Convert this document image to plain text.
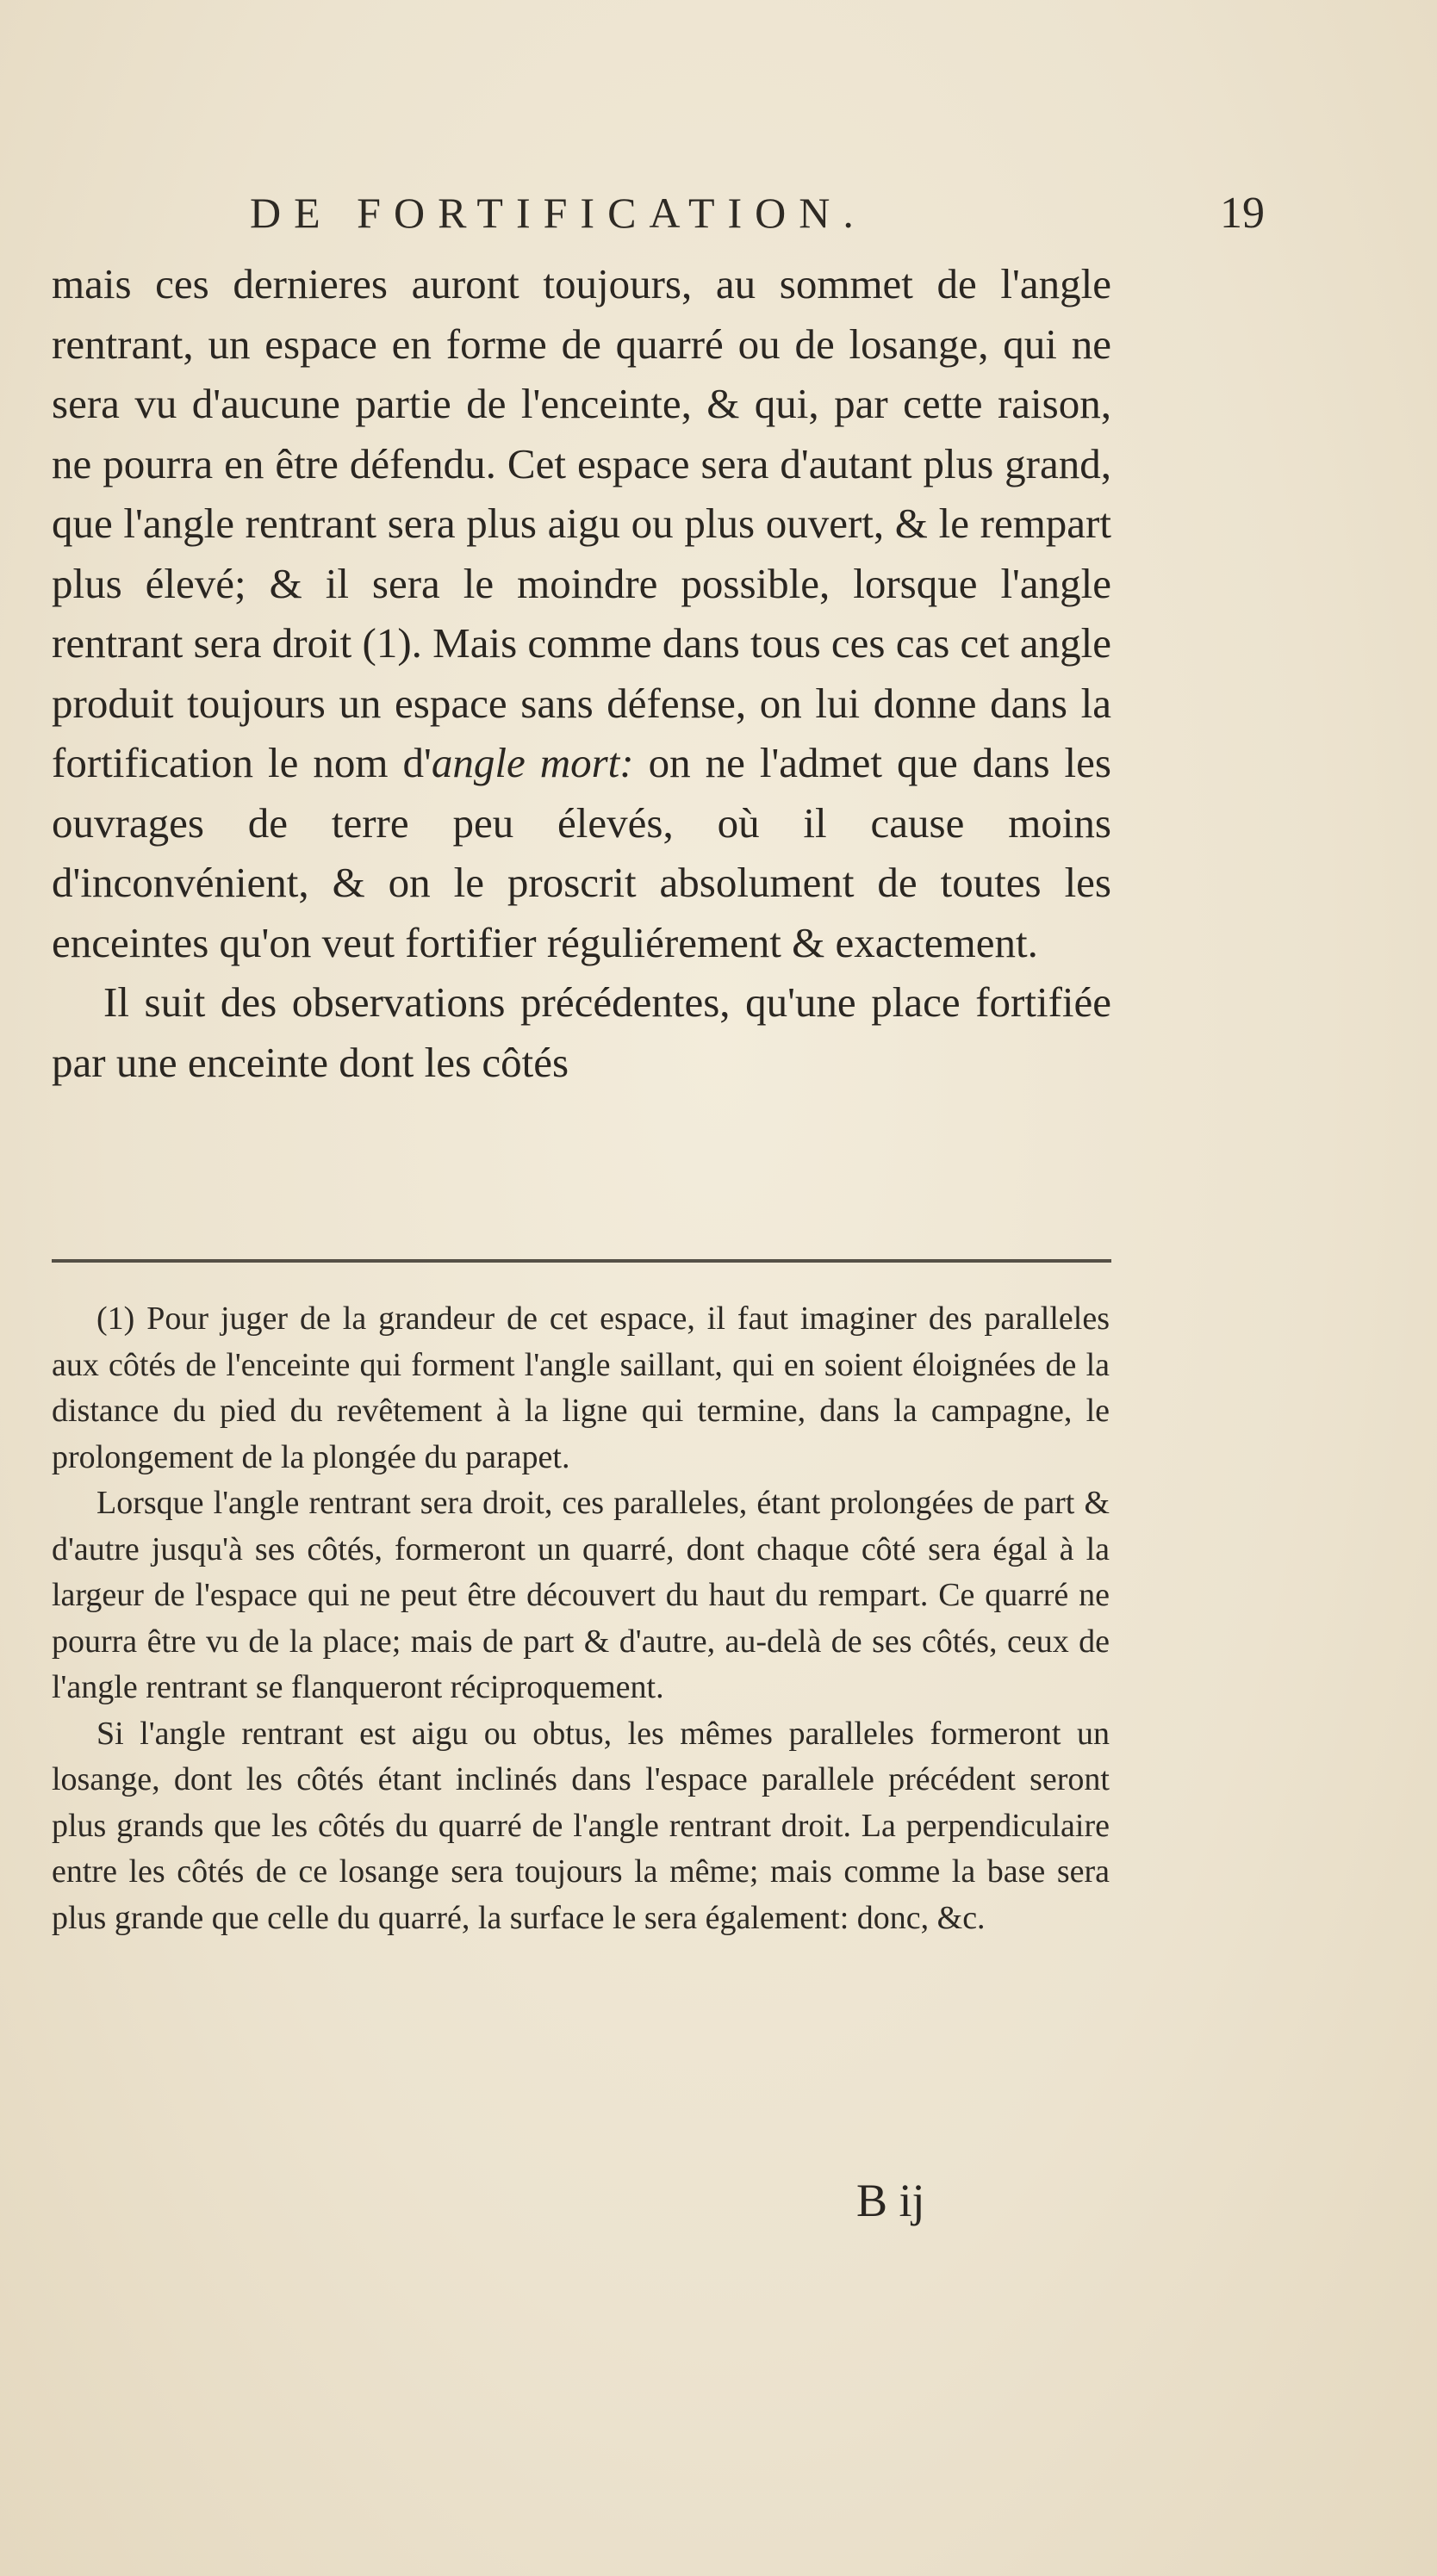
DE FORTIFICATION.	19

mais ces dernieres auront toujours, au sommet de l'angle rentrant, un espace en forme de quarré ou de losange, qui ne sera vu d'aucune partie de l'enceinte, & qui, par cette raison, ne pourra en être défendu. Cet espace sera d'autant plus grand, que l'angle rentrant sera plus aigu ou plus ouvert, & le rempart plus élevé; & il sera le moindre possible, lorsque l'angle rentrant sera droit (1). Mais comme dans tous ces cas cet angle produit toujours un espace sans défense, on lui donne dans la fortification le nom d'angle mort: on ne l'admet que dans les ouvrages de terre peu élevés, où il cause moins d'inconvénient, & on le proscrit absolument de toutes les enceintes qu'on veut fortifier réguliérement & exactement.

Il suit des observations précédentes, qu'une place fortifiée par une enceinte dont les côtés

(1) Pour juger de la grandeur de cet espace, il faut imaginer des paralleles aux côtés de l'enceinte qui forment l'angle saillant, qui en soient éloignées de la distance du pied du revêtement à la ligne qui termine, dans la campagne, le prolongement de la plongée du parapet.

Lorsque l'angle rentrant sera droit, ces paralleles, étant prolongées de part & d'autre jusqu'à ses côtés, formeront un quarré, dont chaque côté sera égal à la largeur de l'espace qui ne peut être découvert du haut du rempart. Ce quarré ne pourra être vu de la place; mais de part & d'autre, au-delà de ses côtés, ceux de l'angle rentrant se flanqueront réciproquement.

Si l'angle rentrant est aigu ou obtus, les mêmes paralleles formeront un losange, dont les côtés étant inclinés dans l'espace parallele précédent seront plus grands que les côtés du quarré de l'angle rentrant droit. La perpendiculaire entre les côtés de ce losange sera toujours la même; mais comme la base sera plus grande que celle du quarré, la surface le sera également: donc, &c.

B ij
